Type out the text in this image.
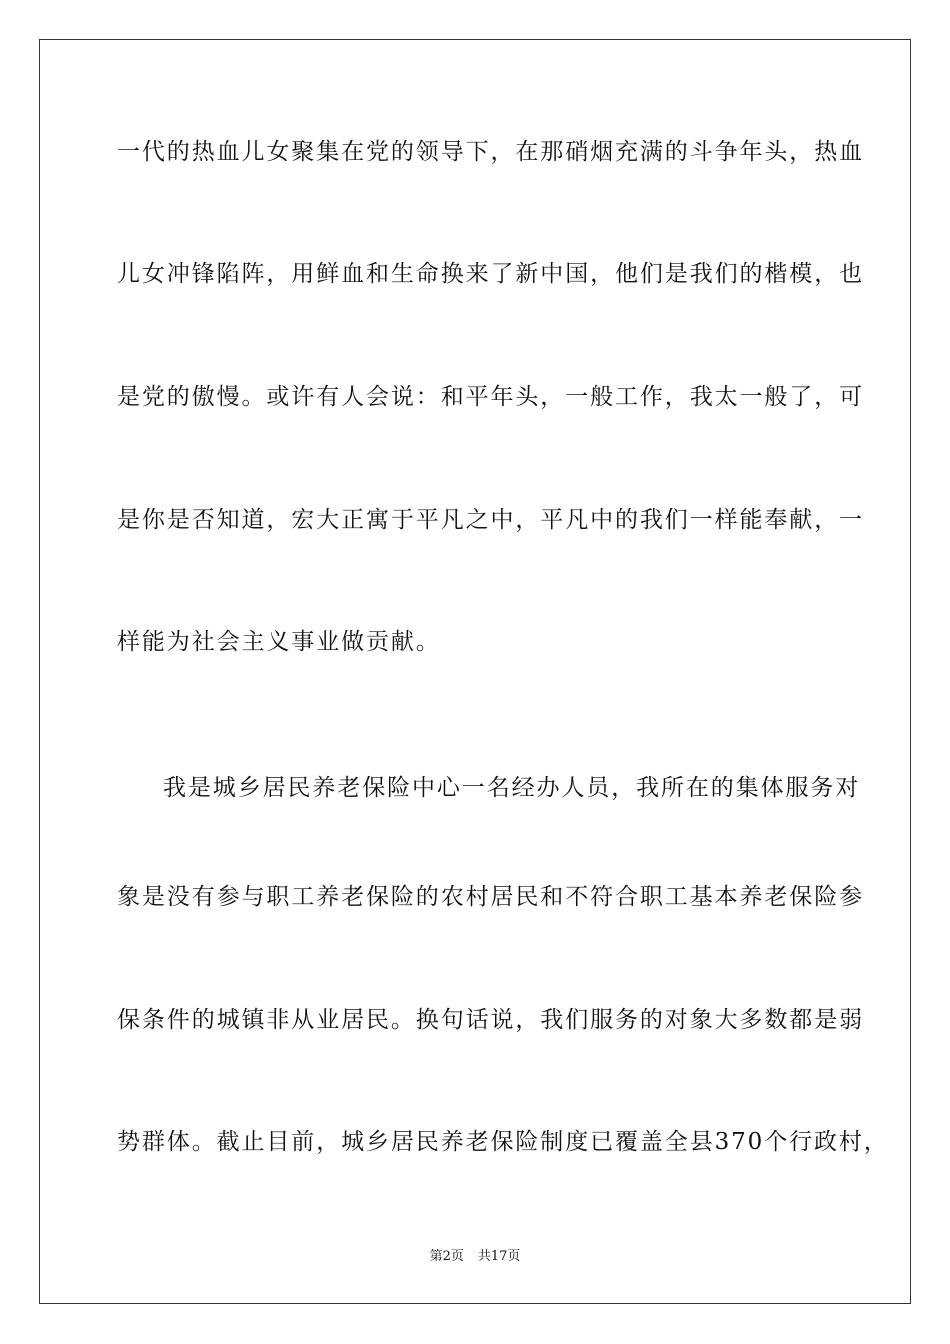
一代的热血儿女聚集在党的领导下，在那硝烟充满的斗争年头，热血
儿女冲锋陷阵，用鲜血和生命换来了新中国，他们是我们的楷模，也
是党的傲慢。或许有人会说：和平年头，一般工作，我太一般了，可
是你是否知道，宏大正寓于平凡之中，平凡中的我们一样能奉献，一
样能为社会主义事业做贡献。
我是城乡居民养老保险中心一名经办人员，我所在的集体服务对
象是没有参与职工养老保险的农村居民和不符合职工基本养老保险参
保条件的城镇非从业居民。换句话说，我们服务的对象大多数都是弱
势群体。截止目前，城乡居民养老保险制度已覆盖全县370个行政村，
第2页 共17页
